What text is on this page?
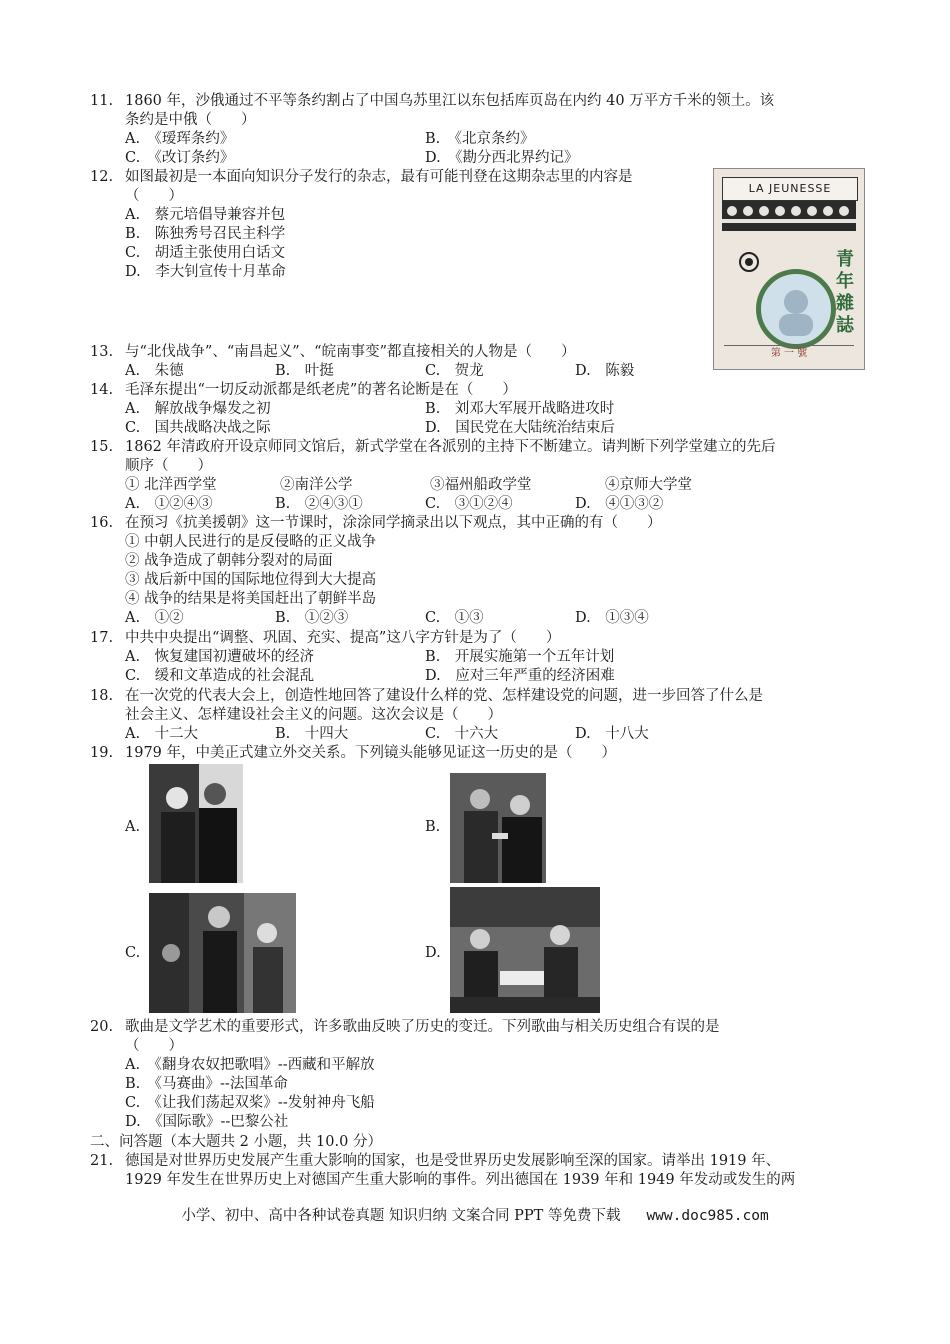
11. 1860 年，沙俄通过不平等条约割占了中国乌苏里江以东包括库页岛在内约 40 万平方千米的领土。该
条约是中俄（　　）
A.　《瑷珲条约》	B.　《北京条约》
C.　《改订条约》	D.　《勘分西北界约记》
12. 如图最初是一本面向知识分子发行的杂志，最有可能刊登在这期杂志里的内容是
（　　）
A.　蔡元培倡导兼容并包
B.　陈独秀号召民主科学
C.　胡适主张使用白话文
D.　李大钊宣传十月革命
LA JEUNESSE
青年雜誌
第 一 號
13. 与“北伐战争”、“南昌起义”、“皖南事变”都直接相关的人物是（　　）
A.　朱德	B.　叶挺	C.　贺龙	D.　陈毅
14. 毛泽东提出“一切反动派都是纸老虎”的著名论断是在（　　）
A.　解放战争爆发之初	B.　刘邓大军展开战略进攻时
C.　国共战略决战之际	D.　国民党在大陆统治结束后
15. 1862 年清政府开设京师同文馆后，新式学堂在各派别的主持下不断建立。请判断下列学堂建立的先后
顺序（　　）
① 北洋西学堂	②南洋公学	③福州船政学堂	④京师大学堂
A.　①②④③	B.　②④③①	C.　③①②④	D.　④①③②
16. 在预习《抗美援朝》这一节课时，涂涂同学摘录出以下观点，其中正确的有（　　）
① 中朝人民进行的是反侵略的正义战争
② 战争造成了朝韩分裂对的局面
③ 战后新中国的国际地位得到大大提高
④ 战争的结果是将美国赶出了朝鲜半岛
A.　①②	B.　①②③	C.　①③	D.　①③④
17. 中共中央提出“调整、巩固、充实、提高”这八字方针是为了（　　）
A.　恢复建国初遭破坏的经济	B.　开展实施第一个五年计划
C.　缓和文革造成的社会混乱	D.　应对三年严重的经济困难
18. 在一次党的代表大会上，创造性地回答了建设什么样的党、怎样建设党的问题，进一步回答了什么是
社会主义、怎样建设社会主义的问题。这次会议是（　　）
A.　十二大	B.　十四大	C.　十六大	D.　十八大
19. 1979 年，中美正式建立外交关系。下列镜头能够见证这一历史的是（　　）
A.	B.
C.	D.
20. 歌曲是文学艺术的重要形式，许多歌曲反映了历史的变迁。下列歌曲与相关历史组合有误的是
（　　）
A.　《翻身农奴把歌唱》--西藏和平解放
B.　《马赛曲》--法国革命
C.　《让我们荡起双桨》--发射神舟飞船
D.　《国际歌》--巴黎公社
二、问答题（本大题共 2 小题，共 10.0 分）
21. 德国是对世界历史发展产生重大影响的国家，也是受世界历史发展影响至深的国家。请举出 1919 年、
1929 年发生在世界历史上对德国产生重大影响的事件。列出德国在 1939 年和 1949 年发动或发生的两
小学、初中、高中各种试卷真题 知识归纳 文案合同 PPT 等免费下载 www.doc985.com
